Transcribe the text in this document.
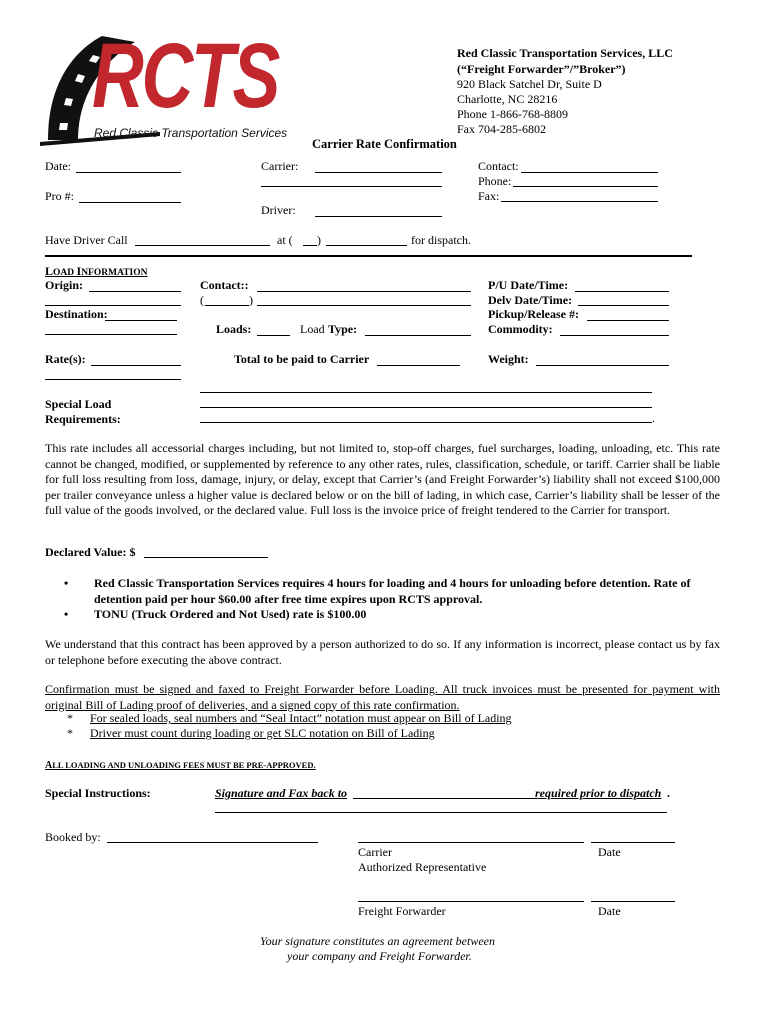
RCTS
Red Classic Transportation Services
Red Classic Transportation Services, LLC
(“Freight Forwarder”/”Broker”)
920 Black Satchel Dr, Suite D
Charlotte, NC 28216
Phone 1-866-768-8809
Fax 704-285-6802
Carrier Rate Confirmation
Date:
Pro #:
Carrier:
Driver:
Contact:
Phone:
Fax:
Have Driver Call	at ( )	for dispatch.
LOAD INFORMATION
Origin:
Destination:
Rate(s):
Contact::
(	)
Loads:	Load Type:
Total to be paid to Carrier
P/U Date/Time:
Delv Date/Time:
Pickup/Release #:
Commodity:
Weight:
Special Load
Requirements:	.
This rate includes all accessorial charges including, but not limited to, stop-off charges, fuel surcharges, loading, unloading, etc. This rate cannot be changed, modified, or supplemented by reference to any other rates, rules, classification, schedule, or tariff. Carrier shall be liable for full loss resulting from loss, damage, injury, or delay, except that Carrier’s (and Freight Forwarder’s) liability shall not exceed $100,000 per trailer conveyance unless a higher value is declared below or on the bill of lading, in which case, Carrier’s liability shall be lesser of the full value of the goods involved, or the declared value. Full loss is the invoice price of freight tendered to the Carrier for transport.
Declared Value: $
• Red Classic Transportation Services requires 4 hours for loading and 4 hours for unloading before detention. Rate of detention paid per hour $60.00 after free time expires upon RCTS approval.
• TONU (Truck Ordered and Not Used) rate is $100.00
We understand that this contract has been approved by a person authorized to do so. If any information is incorrect, please contact us by fax or telephone before executing the above contract.
Confirmation must be signed and faxed to Freight Forwarder before Loading. All truck invoices must be presented for payment with original Bill of Lading proof of deliveries, and a signed copy of this rate confirmation.
* For sealed loads, seal numbers and “Seal Intact” notation must appear on Bill of Lading
* Driver must count during loading or get SLC notation on Bill of Lading
ALL LOADING AND UNLOADING FEES MUST BE PRE-APPROVED.
Special Instructions:	Signature and Fax back to	required prior to dispatch .
Booked by:
Carrier	Date
Authorized Representative
Freight Forwarder	Date
Your signature constitutes an agreement between
your company and Freight Forwarder.
